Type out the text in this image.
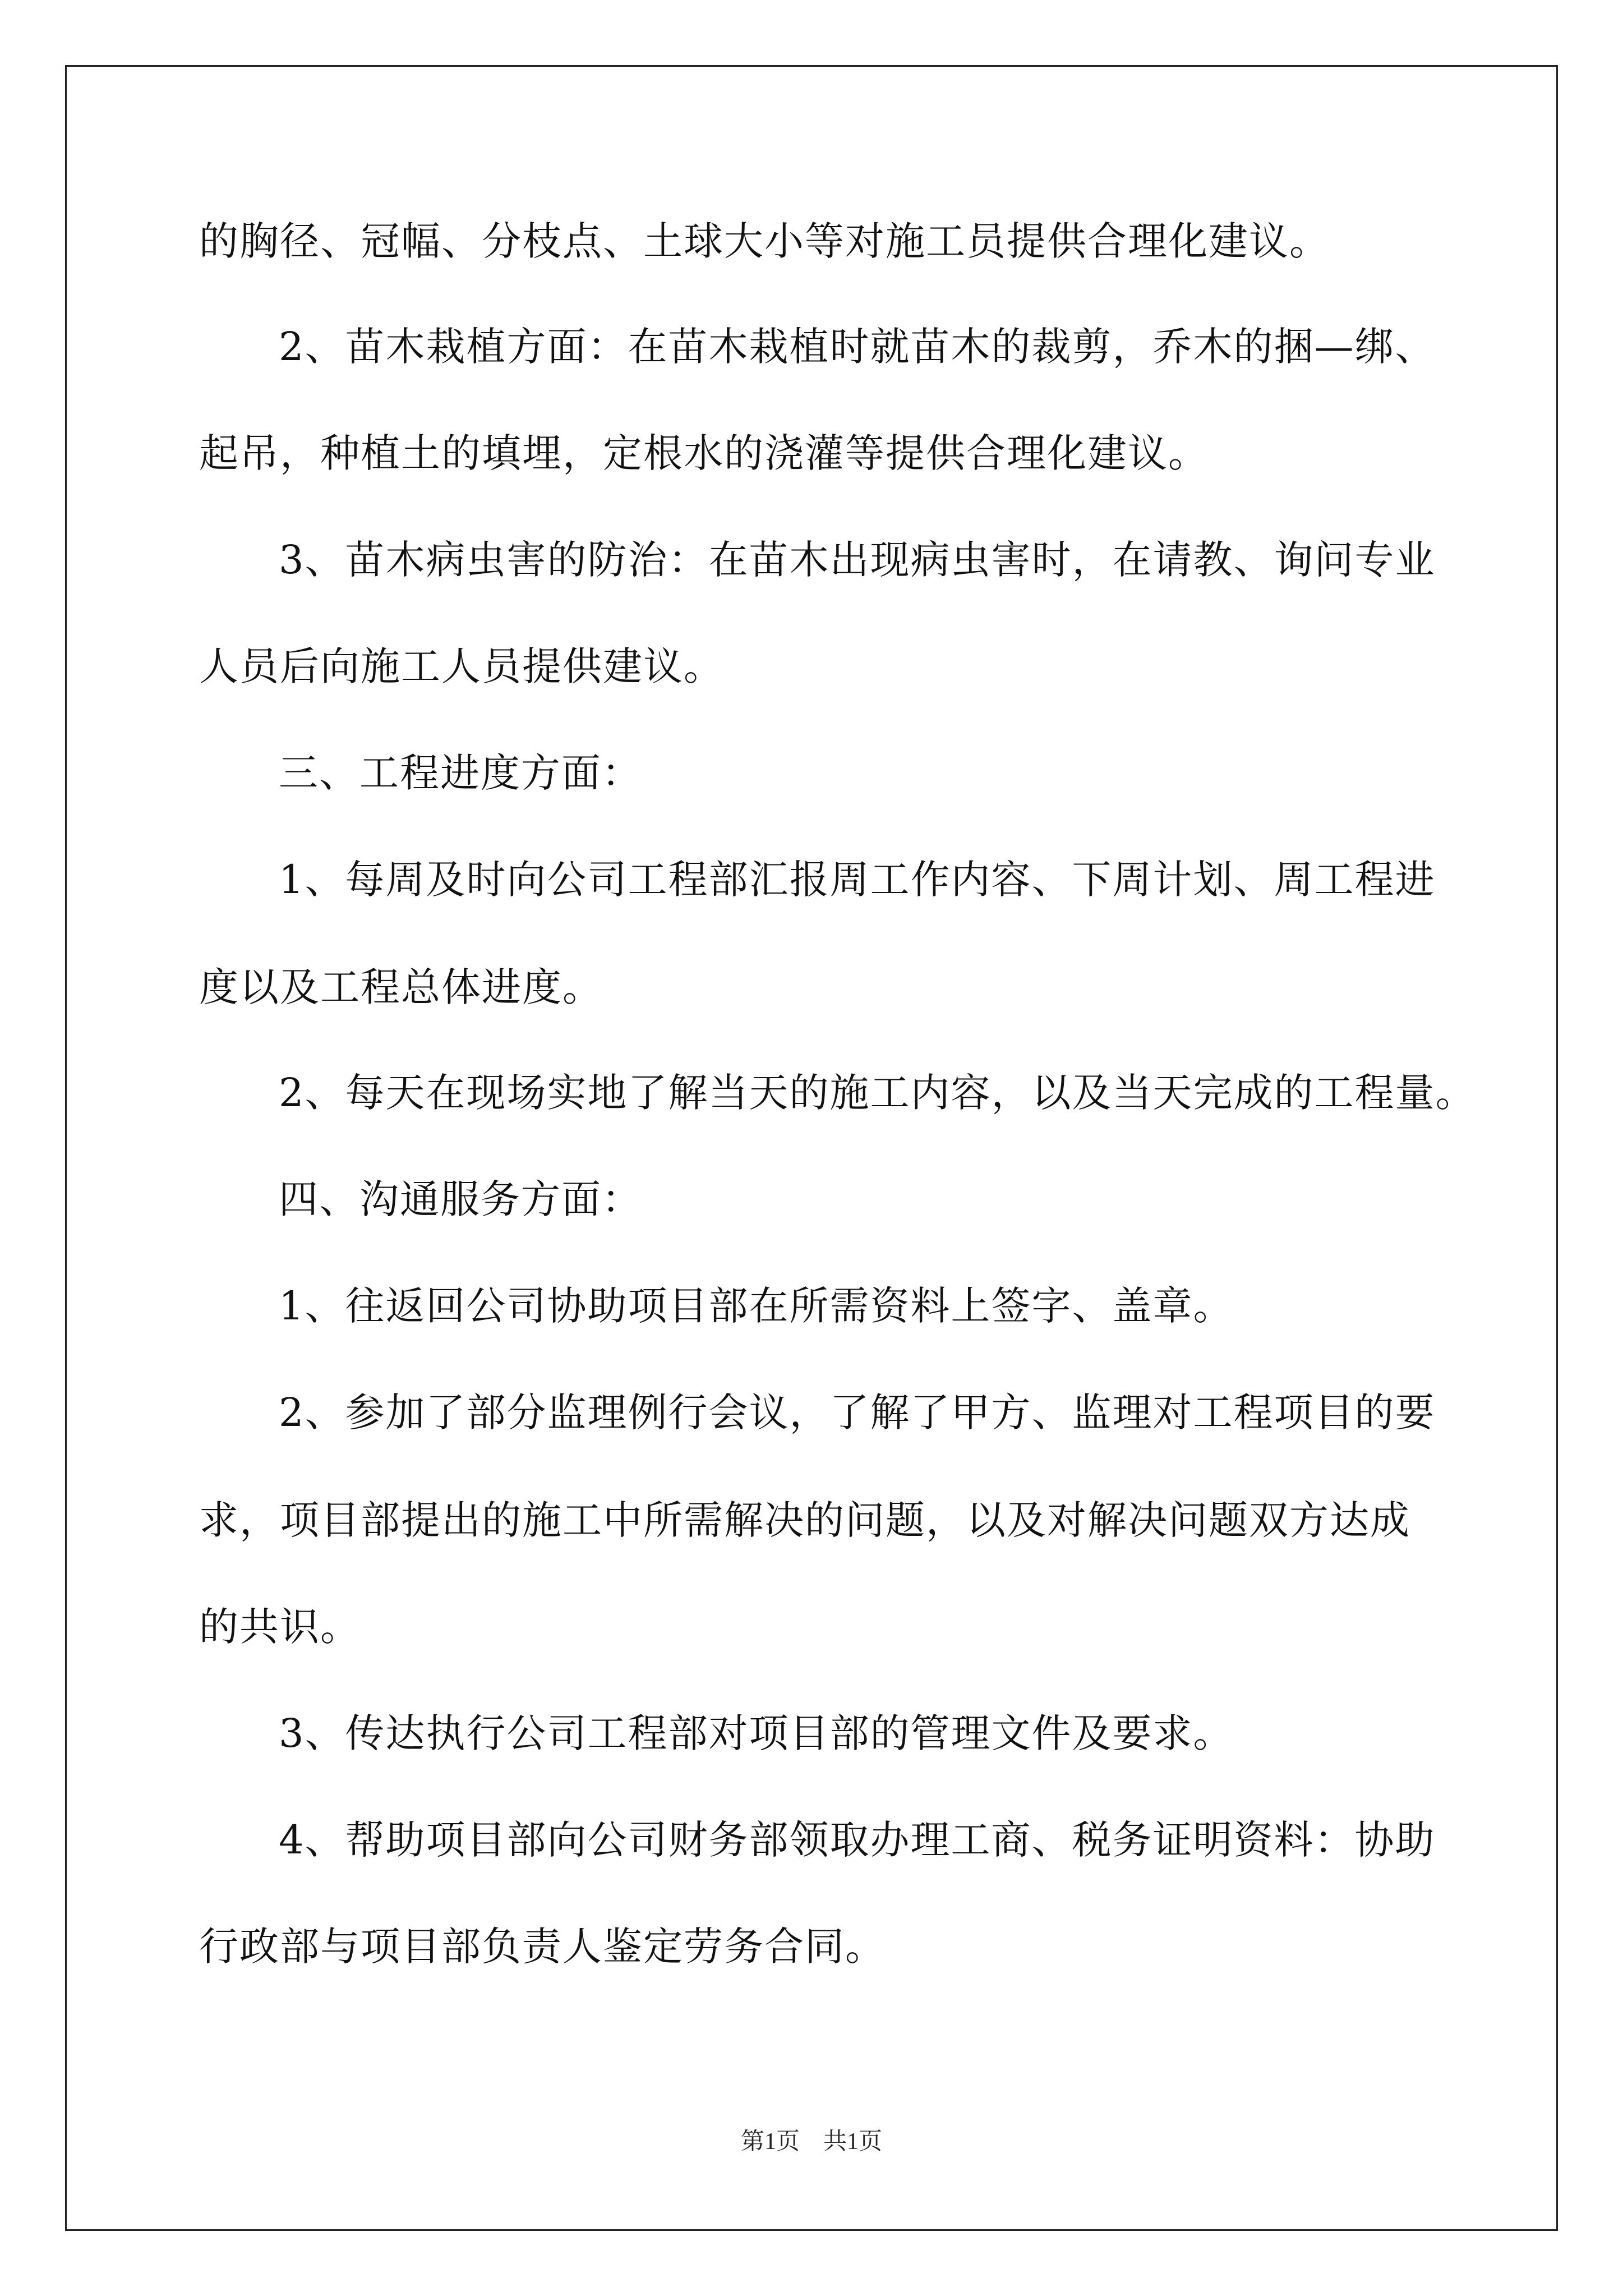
的胸径、冠幅、分枝点、土球大小等对施工员提供合理化建议。
2、苗木栽植方面：在苗木栽植时就苗木的裁剪，乔木的捆—绑、
起吊，种植土的填埋，定根水的浇灌等提供合理化建议。
3、苗木病虫害的防治：在苗木出现病虫害时，在请教、询问专业
人员后向施工人员提供建议。
三、工程进度方面：
1、每周及时向公司工程部汇报周工作内容、下周计划、周工程进
度以及工程总体进度。
2、每天在现场实地了解当天的施工内容，以及当天完成的工程量。
四、沟通服务方面：
1、往返回公司协助项目部在所需资料上签字、盖章。
2、参加了部分监理例行会议，了解了甲方、监理对工程项目的要
求，项目部提出的施工中所需解决的问题，以及对解决问题双方达成
的共识。
3、传达执行公司工程部对项目部的管理文件及要求。
4、帮助项目部向公司财务部领取办理工商、税务证明资料：协助
行政部与项目部负责人鉴定劳务合同。
第1页　共1页
